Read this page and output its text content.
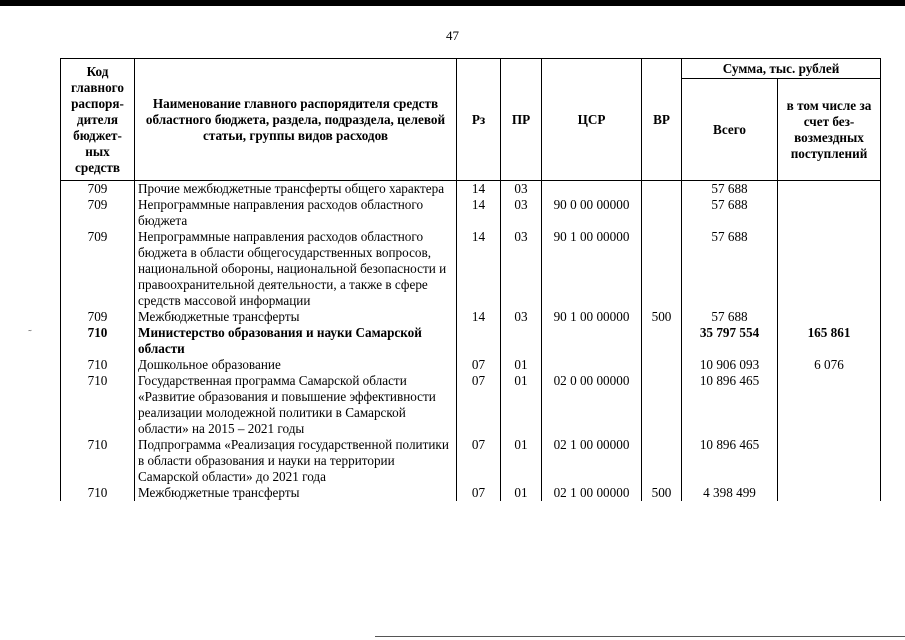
47
˷
Код главного распоря-дителя бюджет-ных средств	Наименование главного распорядителя средств областного бюджета, раздела, подраздела, целевой статьи, группы видов расходов	Рз	ПР	ЦСР	ВР	Сумма, тыс. рублей	
						Всего	в том числе за счет без-возмездных поступлений
709	Прочие межбюджетные трансферты общего характера	14	03			57 688	
709	Непрограммные направления расходов областного бюджета	14	03	90 0 00 00000		57 688	
709	Непрограммные направления расходов областного бюджета в области общегосударственных вопросов, национальной обороны, национальной безопасности и правоохранительной деятельности, а также в сфере средств массовой информации	14	03	90 1 00 00000		57 688	
709	Межбюджетные трансферты	14	03	90 1 00 00000	500	57 688	
710	Министерство образования и науки Самарской области					35 797 554	165 861
710	Дошкольное образование	07	01			10 906 093	6 076
710	Государственная программа Самарской области «Развитие образования и повышение эффективности реализации молодежной политики в Самарской области» на 2015 – 2021 годы	07	01	02 0 00 00000		10 896 465	
710	Подпрограмма «Реализация государственной политики в области образования и науки на территории Самарской области» до 2021 года	07	01	02 1 00 00000		10 896 465	
710	Межбюджетные трансферты	07	01	02 1 00 00000	500	4 398 499	
